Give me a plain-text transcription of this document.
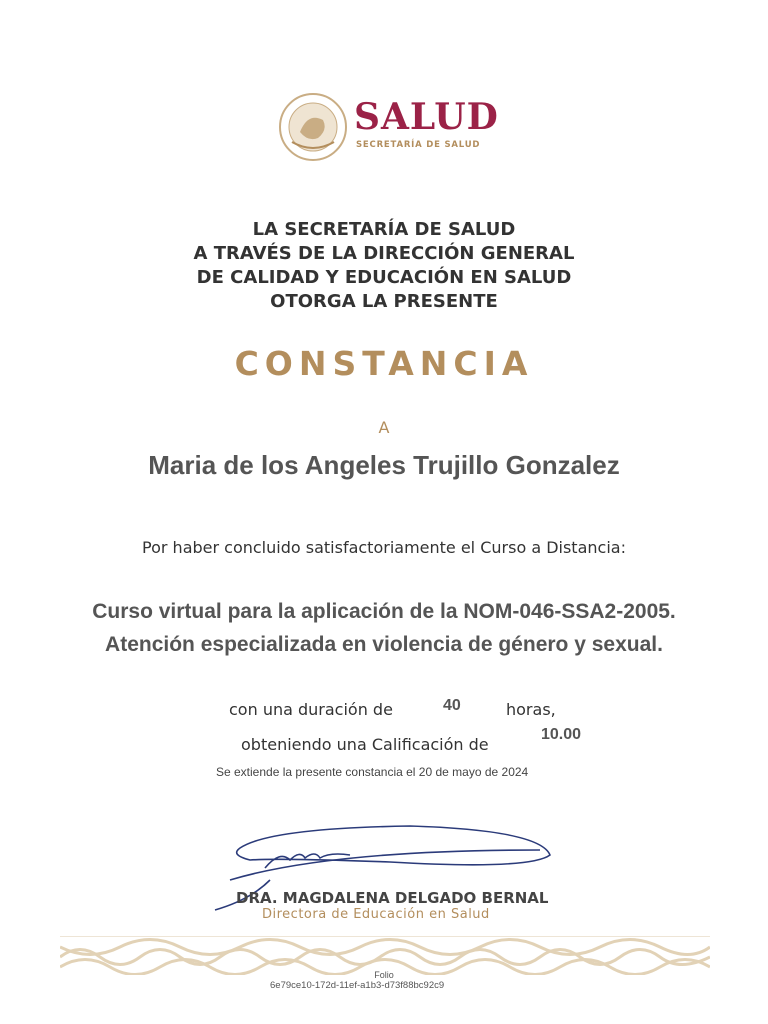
SALUD
SECRETARÍA DE SALUD
LA SECRETARÍA DE SALUD
A TRAVÉS DE LA DIRECCIÓN GENERAL
DE CALIDAD Y EDUCACIÓN EN SALUD
OTORGA LA PRESENTE
CONSTANCIA
A
Maria de los Angeles Trujillo Gonzalez
Por haber concluido satisfactoriamente el Curso a Distancia:
Curso virtual para la aplicación de la NOM-046-SSA2-2005.
Atención especializada en violencia de género y sexual.
con una duración de	40	horas,
obteniendo una Calificación de
10.00
Se extiende la presente constancia el 20 de mayo de 2024
DRA. MAGDALENA DELGADO BERNAL
Directora de Educación en Salud
Folio
6e79ce10-172d-11ef-a1b3-d73f88bc92c9
